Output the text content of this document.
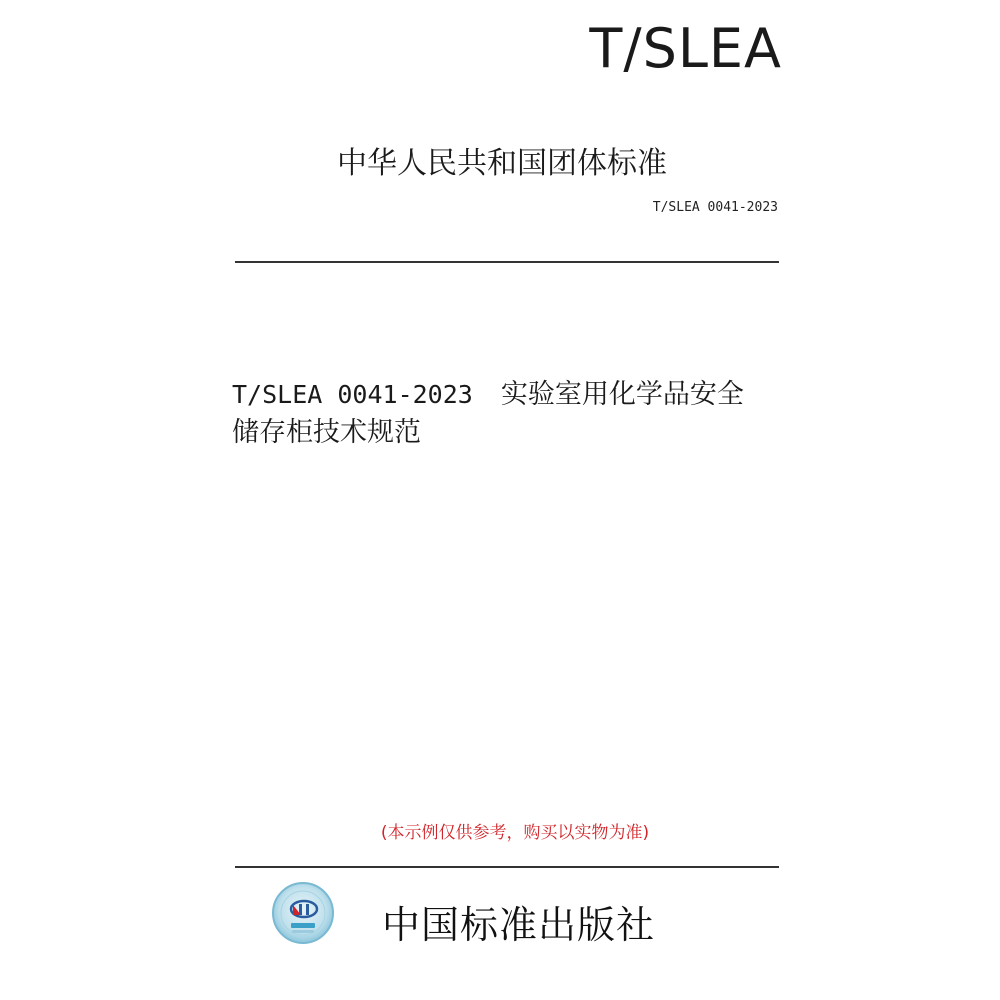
T/SLEA
中华人民共和国团体标准
T/SLEA 0041-2023
T/SLEA 0041-2023 实验室用化学品安全
储存柜技术规范
(本示例仅供参考，购买以实物为准)
中国标准出版社
